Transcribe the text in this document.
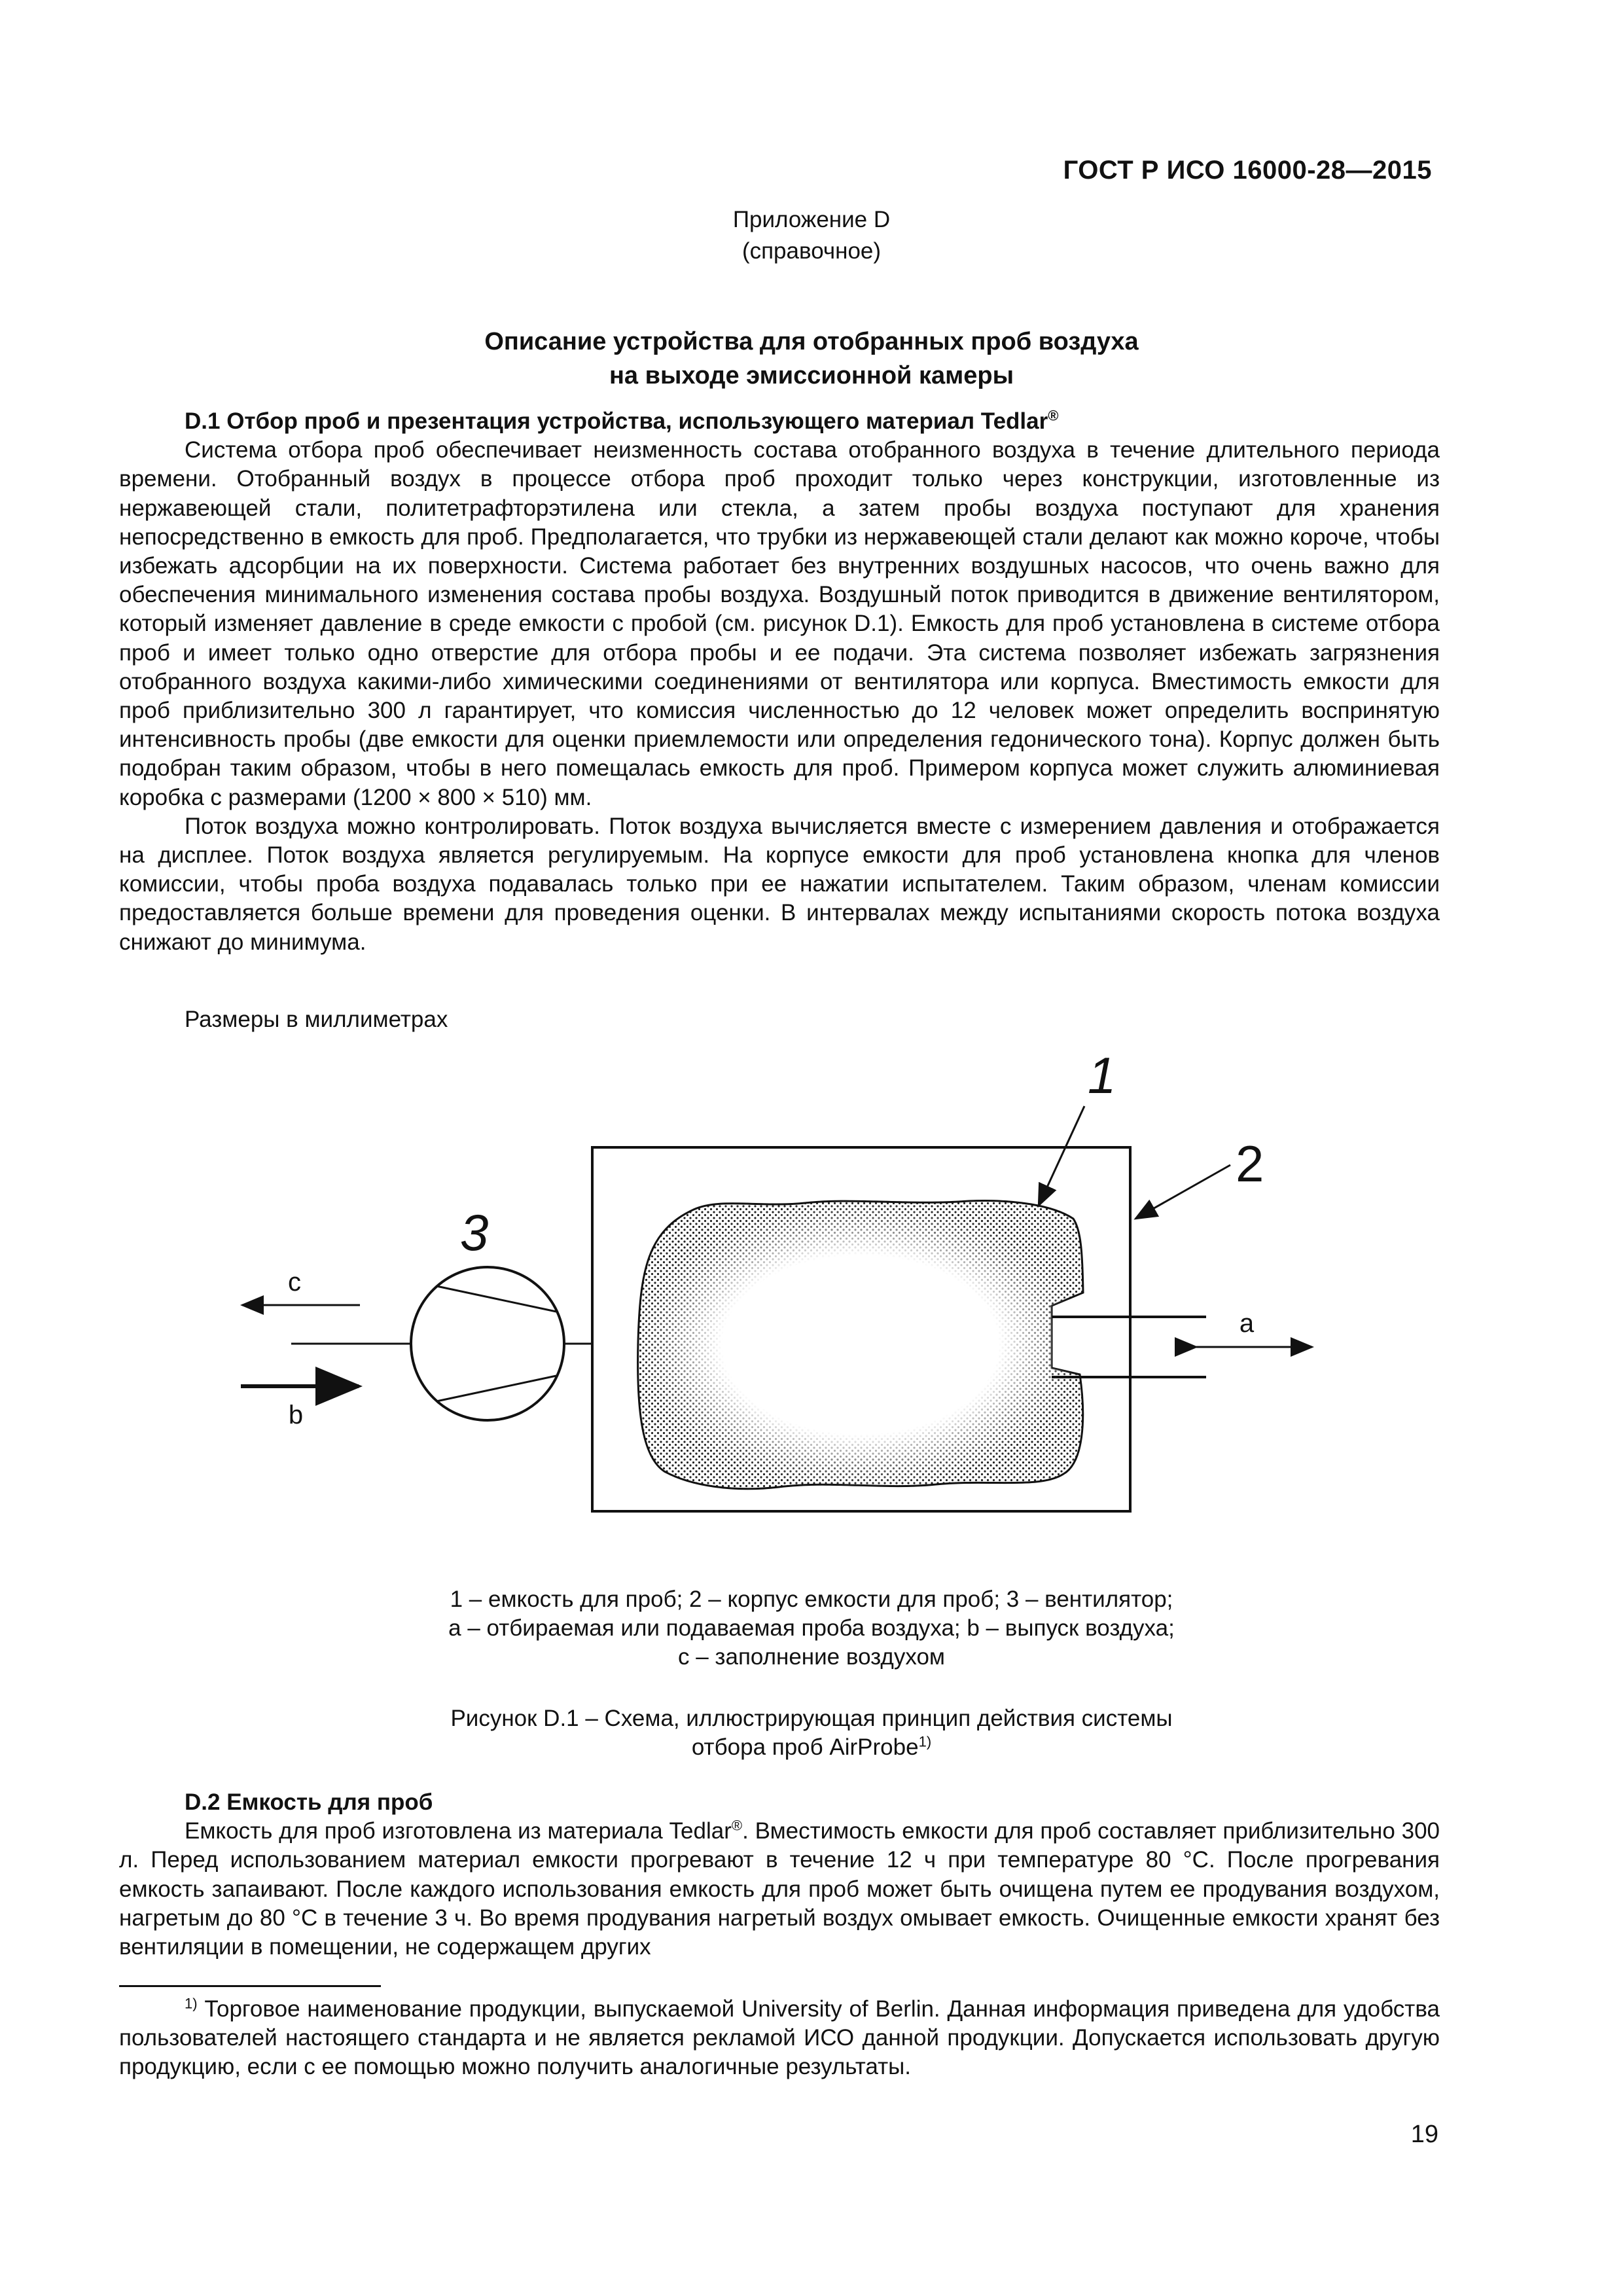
ГОСТ Р ИСО 16000-28—2015
Приложение D
(справочное)
Описание устройства для отобранных проб воздуха
на выходе эмиссионной камеры
D.1 Отбор проб и презентация устройства, использующего материал Tedlar®

Система отбора проб обеспечивает неизменность состава отобранного воздуха в течение длительного периода времени. Отобранный воздух в процессе отбора проб проходит только через конструкции, изготовленные из нержавеющей стали, политетрафторэтилена или стекла, а затем пробы воздуха поступают для хранения непосредственно в емкость для проб. Предполагается, что трубки из нержавеющей стали делают как можно короче, чтобы избежать адсорбции на их поверхности. Система работает без внутренних воздушных насосов, что очень важно для обеспечения минимального изменения состава пробы воздуха. Воздушный поток приводится в движение вентилятором, который изменяет давление в среде емкости с пробой (см. рисунок D.1). Емкость для проб установлена в системе отбора проб и имеет только одно отверстие для отбора пробы и ее подачи. Эта система позволяет избежать загрязнения отобранного воздуха какими-либо химическими соединениями от вентилятора или корпуса. Вместимость емкости для проб приблизительно 300 л гарантирует, что комиссия численностью до 12 человек может определить воспринятую интенсивность пробы (две емкости для оценки приемлемости или определения гедонического тона). Корпус должен быть подобран таким образом, чтобы в него помещалась емкость для проб. Примером корпуса может служить алюминиевая коробка с размерами (1200 × 800 × 510) мм.

Поток воздуха можно контролировать. Поток воздуха вычисляется вместе с измерением давления и отображается на дисплее. Поток воздуха является регулируемым. На корпусе емкости для проб установлена кнопка для членов комиссии, чтобы проба воздуха подавалась только при ее нажатии испытателем. Таким образом, членам комиссии предоставляется больше времени для проведения оценки. В интервалах между испытаниями скорость потока воздуха снижают до минимума.

Размеры в миллиметрах
a
1
2
3
c
b
1 – емкость для проб; 2 – корпус емкости для проб; 3 – вентилятор;
a – отбираемая или подаваемая проба воздуха; b – выпуск воздуха;
c – заполнение воздухом
Рисунок D.1 – Схема, иллюстрирующая принцип действия системы
отбора проб AirProbe$^{1)}$
D.2 Емкость для проб

Емкость для проб изготовлена из материала Tedlar®. Вместимость емкости для проб составляет приблизительно 300 л. Перед использованием материал емкости прогревают в течение 12 ч при температуре 80 °С. После прогревания емкость запаивают. После каждого использования емкость для проб может быть очищена путем ее продувания воздухом, нагретым до 80 °С в течение 3 ч. Во время продувания нагретый воздух омывает емкость. Очищенные емкости хранят без вентиляции в помещении, не содержащем других

$^{1)}$ Торговое наименование продукции, выпускаемой University of Berlin. Данная информация приведена для удобства пользователей настоящего стандарта и не является рекламой ИСО данной продукции. Допускается использовать другую продукцию, если с ее помощью можно получить аналогичные результаты.

19
